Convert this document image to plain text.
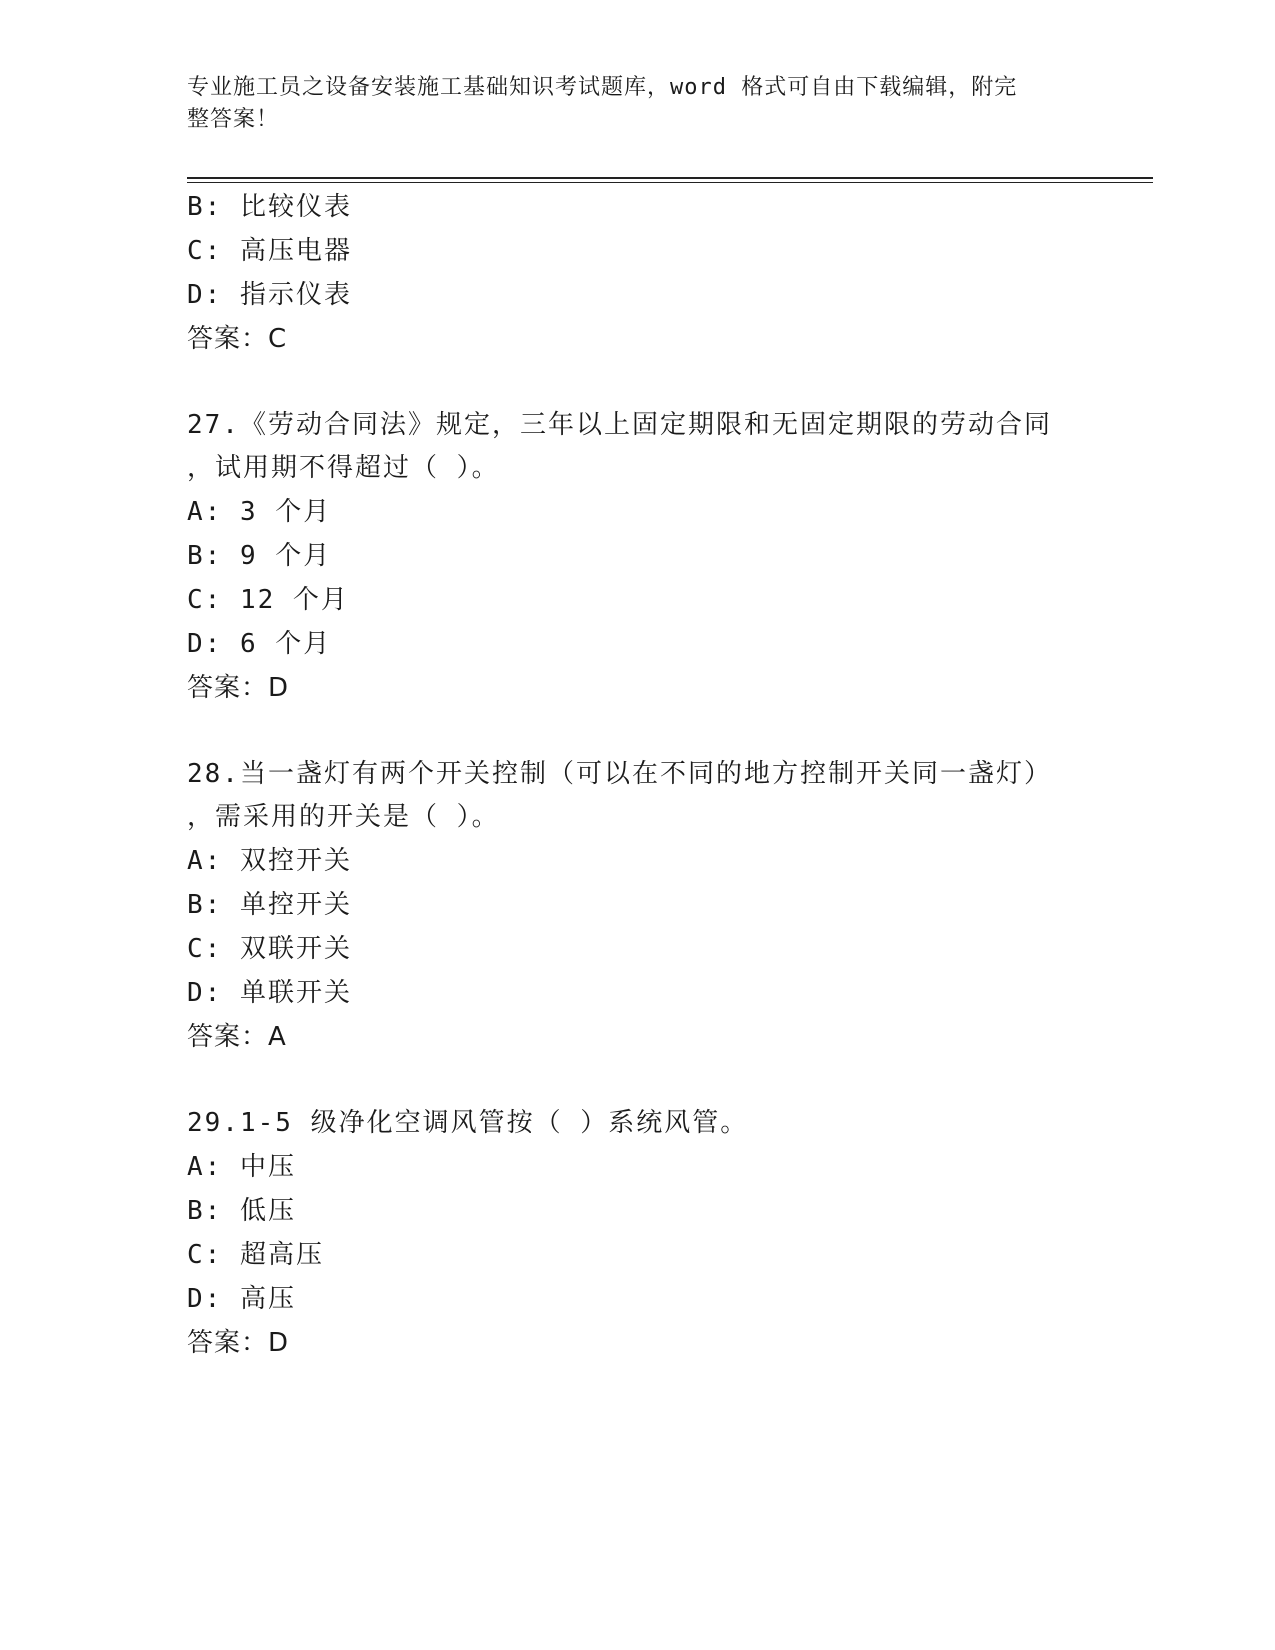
专业施工员之设备安装施工基础知识考试题库，word 格式可自由下载编辑，附完
整答案！
B: 比较仪表
C: 高压电器
D: 指示仪表
答案：C
27.《劳动合同法》规定，三年以上固定期限和无固定期限的劳动合同
，试用期不得超过（ ）。
A: 3 个月
B: 9 个月
C: 12 个月
D: 6 个月
答案：D
28.当一盏灯有两个开关控制（可以在不同的地方控制开关同一盏灯）
，需采用的开关是（ ）。
A: 双控开关
B: 单控开关
C: 双联开关
D: 单联开关
答案：A
29.1-5 级净化空调风管按（ ）系统风管。
A: 中压
B: 低压
C: 超高压
D: 高压
答案：D
